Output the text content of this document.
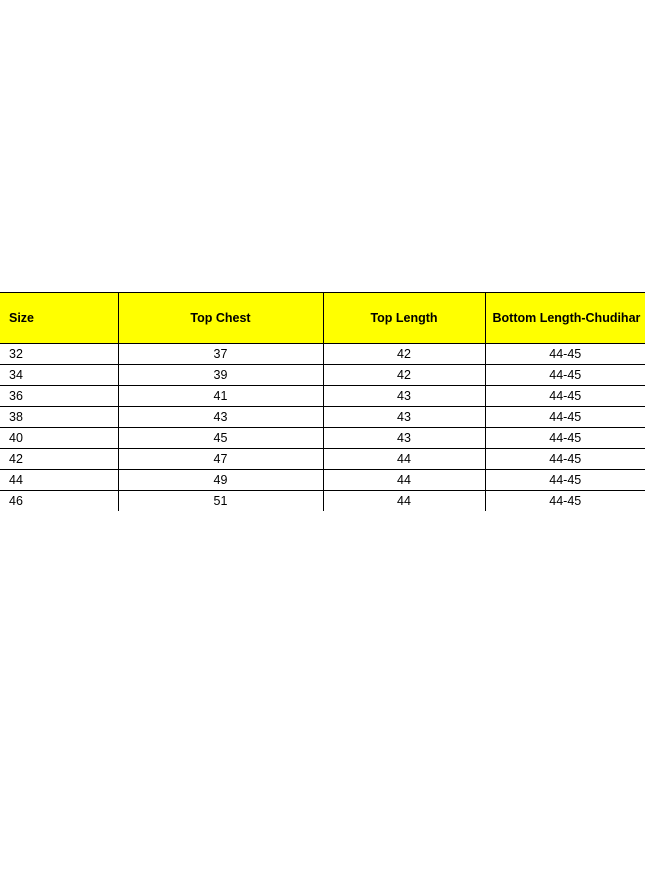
Size	Top Chest	Top Length	Bottom Length-Chudihar
32	37	42	44-45
34	39	42	44-45
36	41	43	44-45
38	43	43	44-45
40	45	43	44-45
42	47	44	44-45
44	49	44	44-45
46	51	44	44-45
